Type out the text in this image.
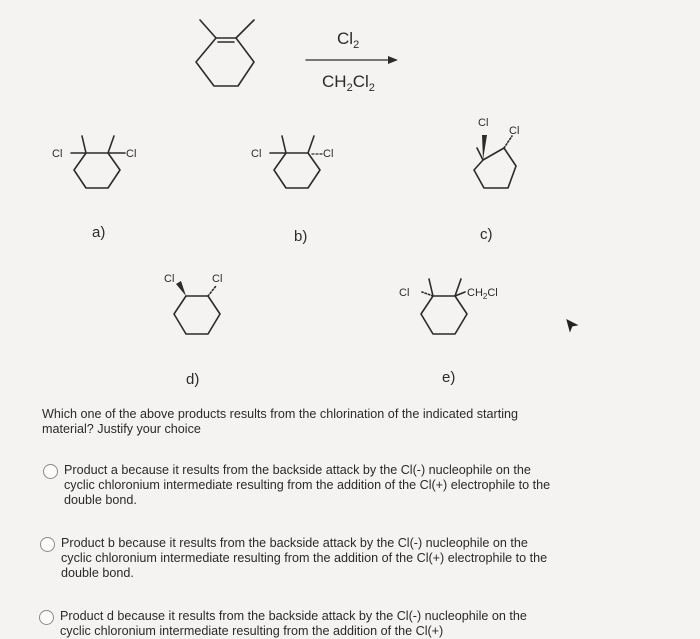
$Cl_2$
$CH_2Cl_2$
Cl	Cl	Cl	Cl
Cl
Cl
Cl	Cl
Cl	$CH_2Cl$
a)	b)	c)
d)	e)
Which one of the above products results from the chlorination of the indicated starting material? Justify your choice
Product a because it results from the backside attack by the Cl(-) nucleophile on the cyclic chloronium intermediate resulting from the addition of the Cl(+) electrophile to the double bond.
Product b because it results from the backside attack by the Cl(-) nucleophile on the cyclic chloronium intermediate resulting from the addition of the Cl(+) electrophile to the double bond.
Product d because it results from the backside attack by the Cl(-) nucleophile on the cyclic chloronium intermediate resulting from the addition of the Cl(+)
